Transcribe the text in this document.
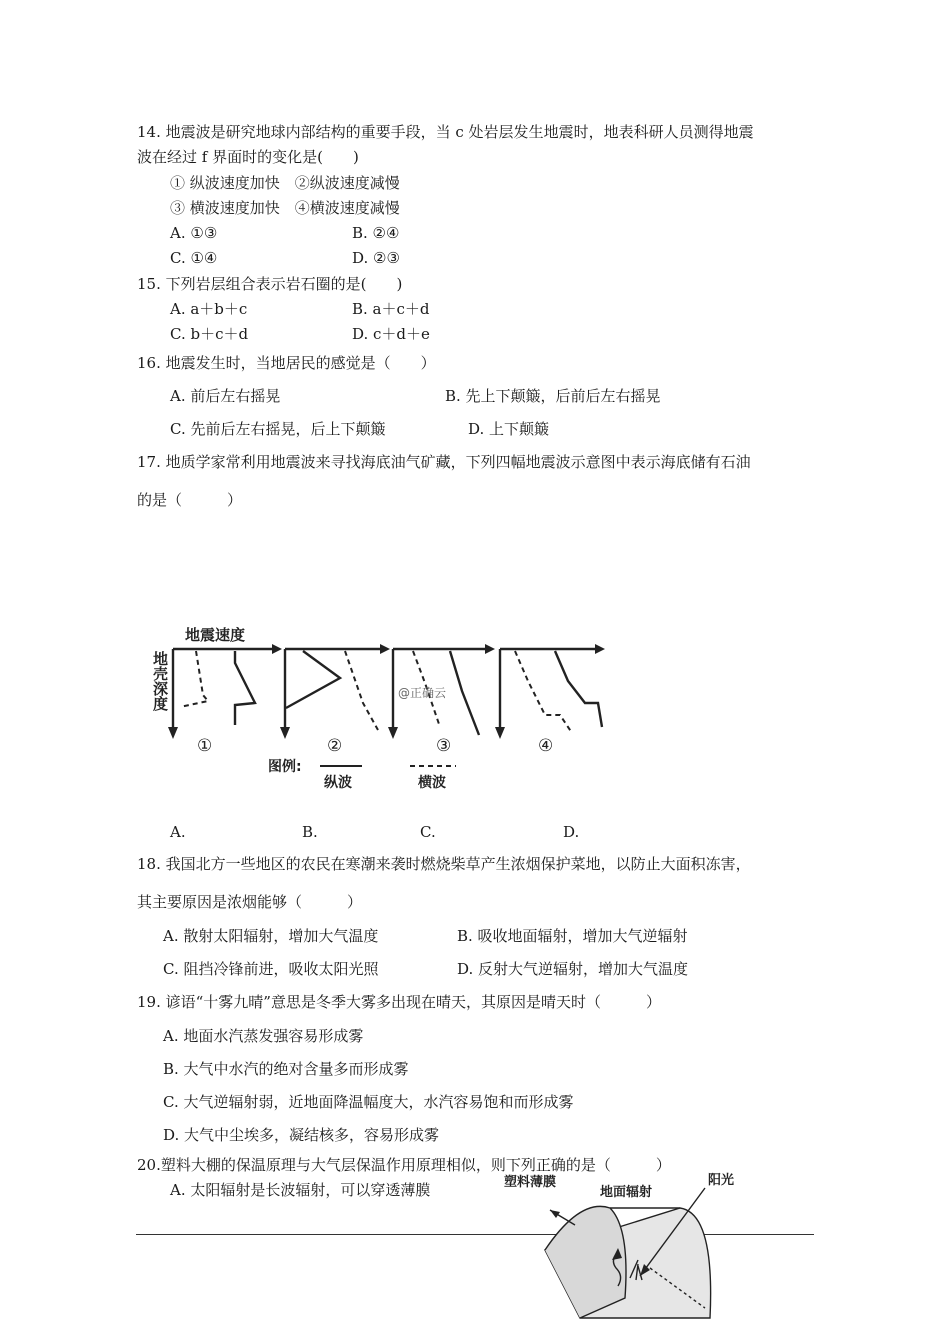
14. 地震波是研究地球内部结构的重要手段，当 c 处岩层发生地震时，地表科研人员测得地震
波在经过 f 界面时的变化是(　　)
① 纵波速度加快　②纵波速度减慢
③ 横波速度加快　④横波速度减慢
A. ①③	B. ②④
C. ①④	D. ②③
15. 下列岩层组合表示岩石圈的是(　　)
A. a＋b＋c	B. a＋c＋d
C. b＋c＋d	D. c＋d＋e
16. 地震发生时，当地居民的感觉是（　　）
A. 前后左右摇晃	B. 先上下颠簸，后前后左右摇晃
C. 先前后左右摇晃，后上下颠簸	D. 上下颠簸
17. 地质学家常利用地震波来寻找海底油气矿藏，下列四幅地震波示意图中表示海底储有石油
的是（　　　）
地震速度
地壳深度
①	②	③	④
@正确云
图例:
纵波	横波
A.	B.	C.	D.
18. 我国北方一些地区的农民在寒潮来袭时燃烧柴草产生浓烟保护菜地，以防止大面积冻害，
其主要原因是浓烟能够（　　　）
A. 散射太阳辐射，增加大气温度	B. 吸收地面辐射，增加大气逆辐射
C. 阻挡冷锋前进，吸收太阳光照	D. 反射大气逆辐射，增加大气温度
19. 谚语“十雾九晴”意思是冬季大雾多出现在晴天，其原因是晴天时（　　　）
A. 地面水汽蒸发强容易形成雾
B. 大气中水汽的绝对含量多而形成雾
C. 大气逆辐射弱，近地面降温幅度大，水汽容易饱和而形成雾
D. 大气中尘埃多，凝结核多，容易形成雾
20.塑料大棚的保温原理与大气层保温作用原理相似，则下列正确的是（　　　）
A. 太阳辐射是长波辐射，可以穿透薄膜	塑料薄膜
地面辐射
阳光
